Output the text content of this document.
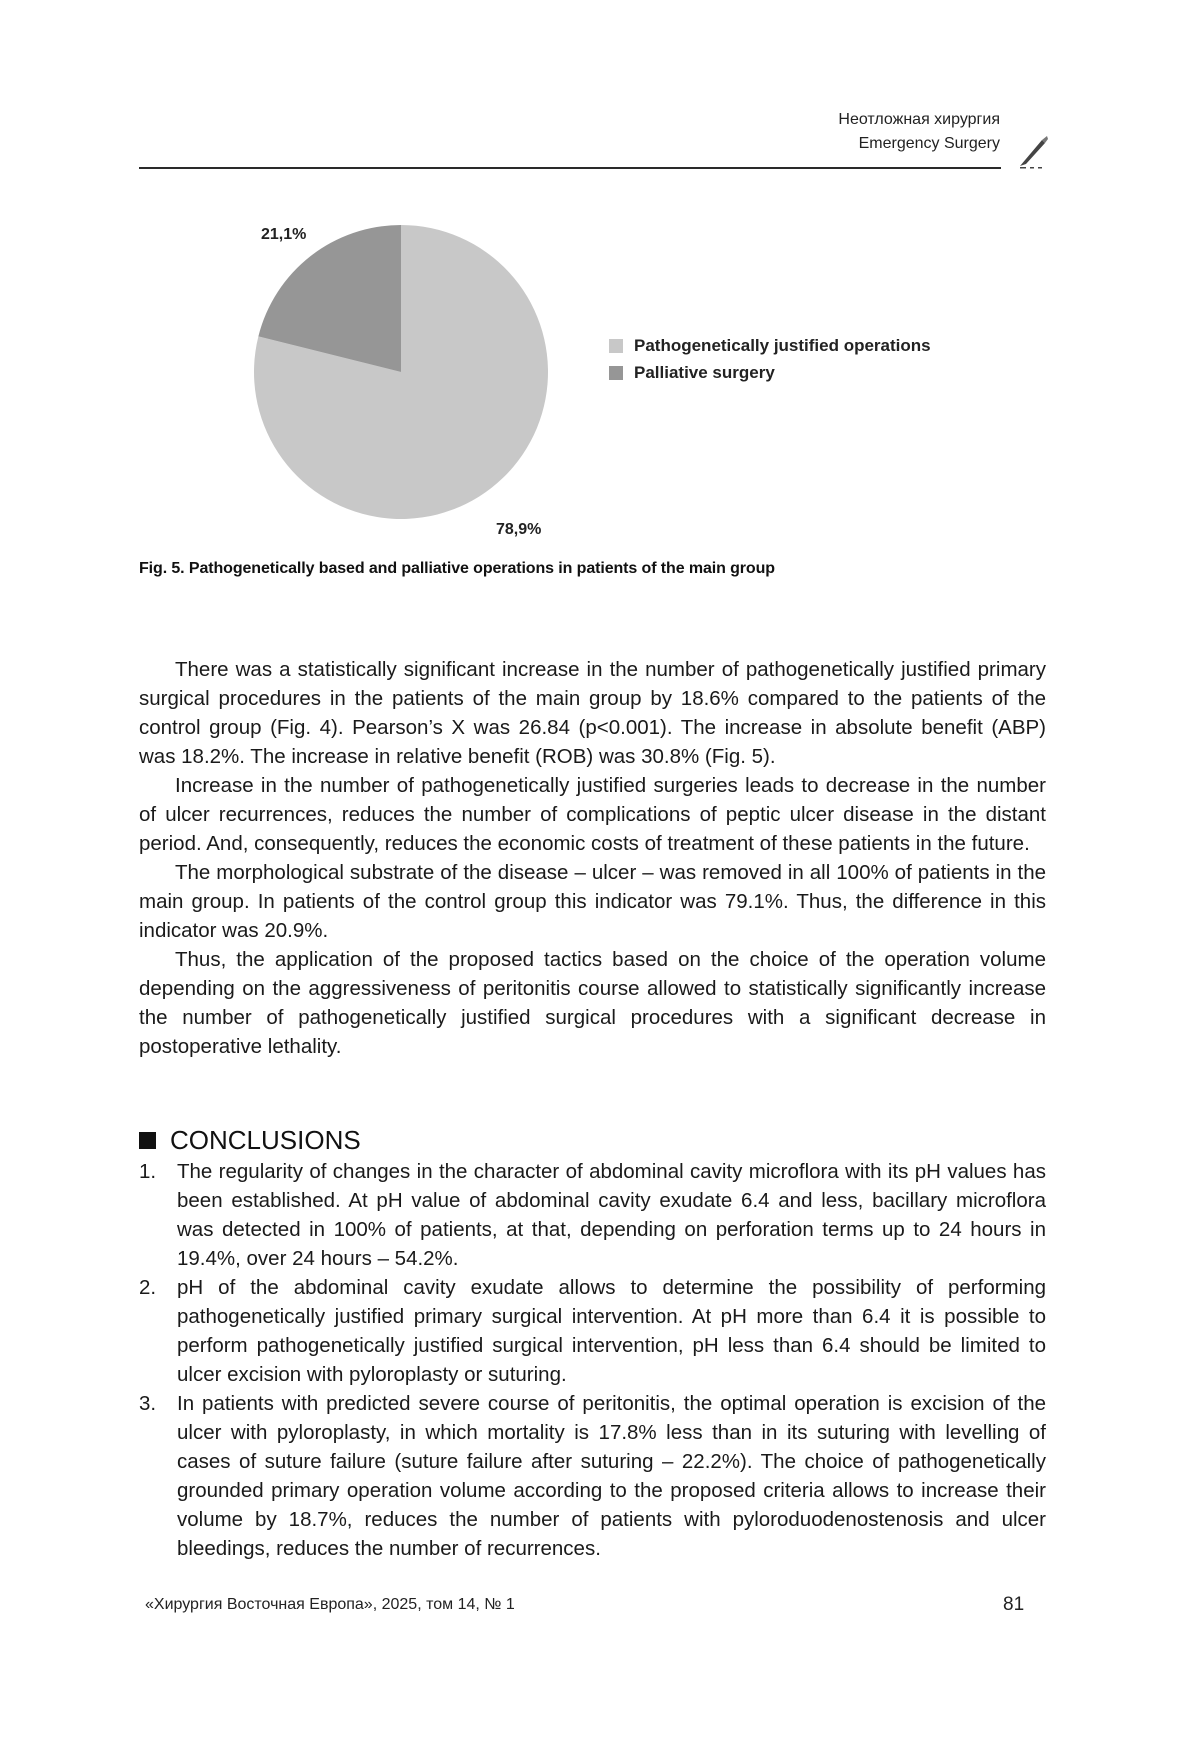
Неотложная хирургия
Emergency Surgery
78,9%
21,1%
Pathogenetically justified operations
Palliative surgery
Fig. 5. Pathogenetically based and palliative operations in patients of the main group

There was a statistically significant increase in the number of pathogenetically justified primary surgical procedures in the patients of the main group by 18.6% compared to the patients of the control group (Fig. 4). Pearson’s X was 26.84 (p<0.001). The increase in absolute benefit (ABP) was 18.2%. The increase in relative benefit (ROB) was 30.8% (Fig. 5).

Increase in the number of pathogenetically justified surgeries leads to decrease in the number of ulcer recurrences, reduces the number of complications of peptic ulcer disease in the distant period. And, consequently, reduces the economic costs of treatment of these patients in the future.

The morphological substrate of the disease – ulcer – was removed in all 100% of patients in the main group. In patients of the control group this indicator was 79.1%. Thus, the difference in this indicator was 20.9%.

Thus, the application of the proposed tactics based on the choice of the operation volume depending on the aggressiveness of peritonitis course allowed to statistically significantly increase the number of pathogenetically justified surgical procedures with a significant decrease in postoperative lethality.

CONCLUSIONS
1. The regularity of changes in the character of abdominal cavity microflora with its pH values has been established. At pH value of abdominal cavity exudate 6.4 and less, bacillary microflora was detected in 100% of patients, at that, depending on perforation terms up to 24 hours in 19.4%, over 24 hours – 54.2%.
2. pH of the abdominal cavity exudate allows to determine the possibility of performing pathogenetically justified primary surgical intervention. At pH more than 6.4 it is possible to perform pathogenetically justified surgical intervention, pH less than 6.4 should be limited to ulcer excision with pyloroplasty or suturing.
3. In patients with predicted severe course of peritonitis, the optimal operation is excision of the ulcer with pyloroplasty, in which mortality is 17.8% less than in its suturing with levelling of cases of suture failure (suture failure after suturing – 22.2%). The choice of pathogenetically grounded primary operation volume according to the proposed criteria allows to increase their volume by 18.7%, reduces the number of patients with pyloroduodenostenosis and ulcer bleedings, reduces the number of recurrences.
«Хирургия Восточная Европа», 2025, том 14, № 1	81
